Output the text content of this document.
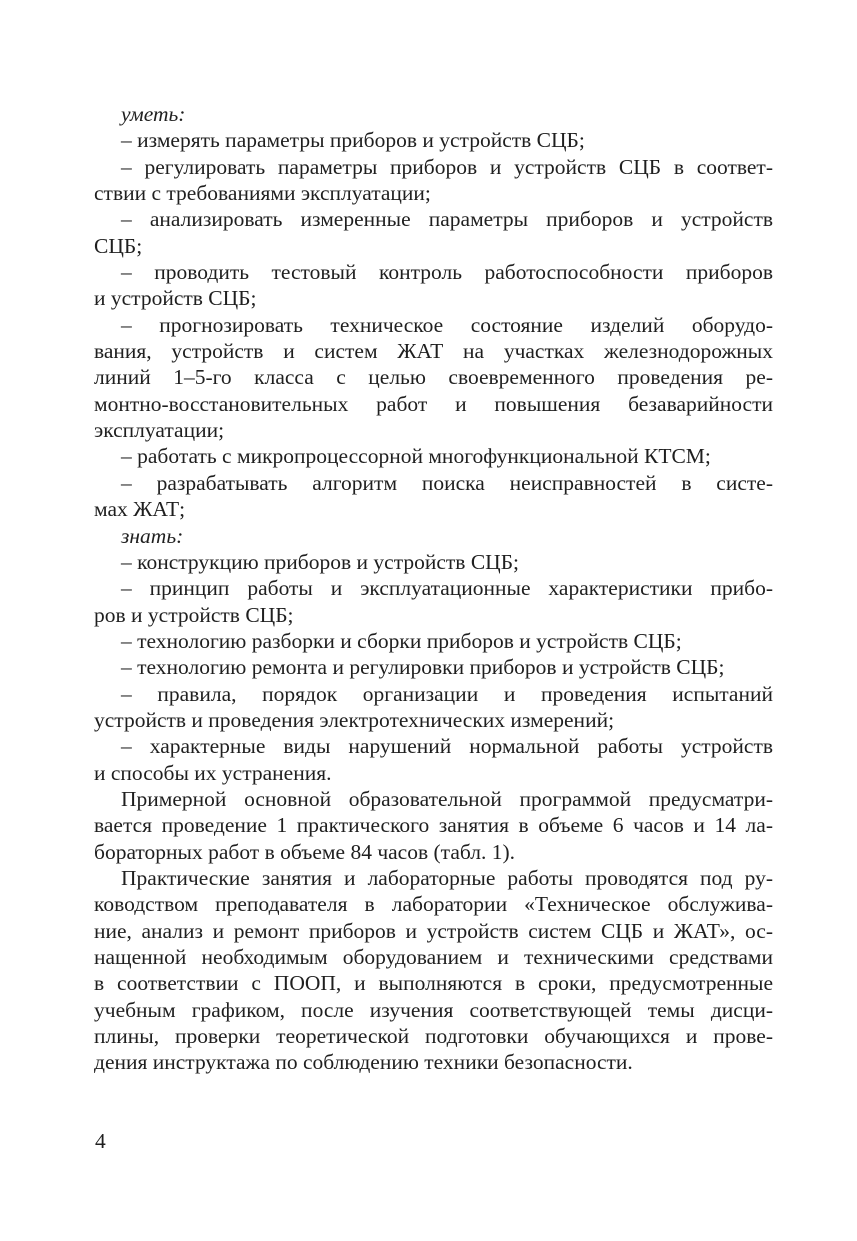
уметь:
– измерять параметры приборов и устройств СЦБ;
– регулировать параметры приборов и устройств СЦБ в соответ-
ствии с требованиями эксплуатации;
– анализировать измеренные параметры приборов и устройств
СЦБ;
– проводить тестовый контроль работоспособности приборов
и устройств СЦБ;
– прогнозировать техническое состояние изделий оборудо-
вания, устройств и систем ЖАТ на участках железнодорожных
линий 1–5-го класса с целью своевременного проведения ре-
монтно-восстановительных работ и повышения безаварийности
эксплуатации;
– работать с микропроцессорной многофункциональной КТСМ;
– разрабатывать алгоритм поиска неисправностей в систе-
мах ЖАТ;
знать:
– конструкцию приборов и устройств СЦБ;
– принцип работы и эксплуатационные характеристики прибо-
ров и устройств СЦБ;
– технологию разборки и сборки приборов и устройств СЦБ;
– технологию ремонта и регулировки приборов и устройств СЦБ;
– правила, порядок организации и проведения испытаний
устройств и проведения электротехнических измерений;
– характерные виды нарушений нормальной работы устройств
и способы их устранения.
Примерной основной образовательной программой предусматри-
вается проведение 1 практического занятия в объеме 6 часов и 14 ла-
бораторных работ в объеме 84 часов (табл. 1).
Практические занятия и лабораторные работы проводятся под ру-
ководством преподавателя в лаборатории «Техническое обслужива-
ние, анализ и ремонт приборов и устройств систем СЦБ и ЖАТ», ос-
нащенной необходимым оборудованием и техническими средствами
в соответствии с ПООП, и выполняются в сроки, предусмотренные
учебным графиком, после изучения соответствующей темы дисци-
плины, проверки теоретической подготовки обучающихся и прове-
дения инструктажа по соблюдению техники безопасности.
4
